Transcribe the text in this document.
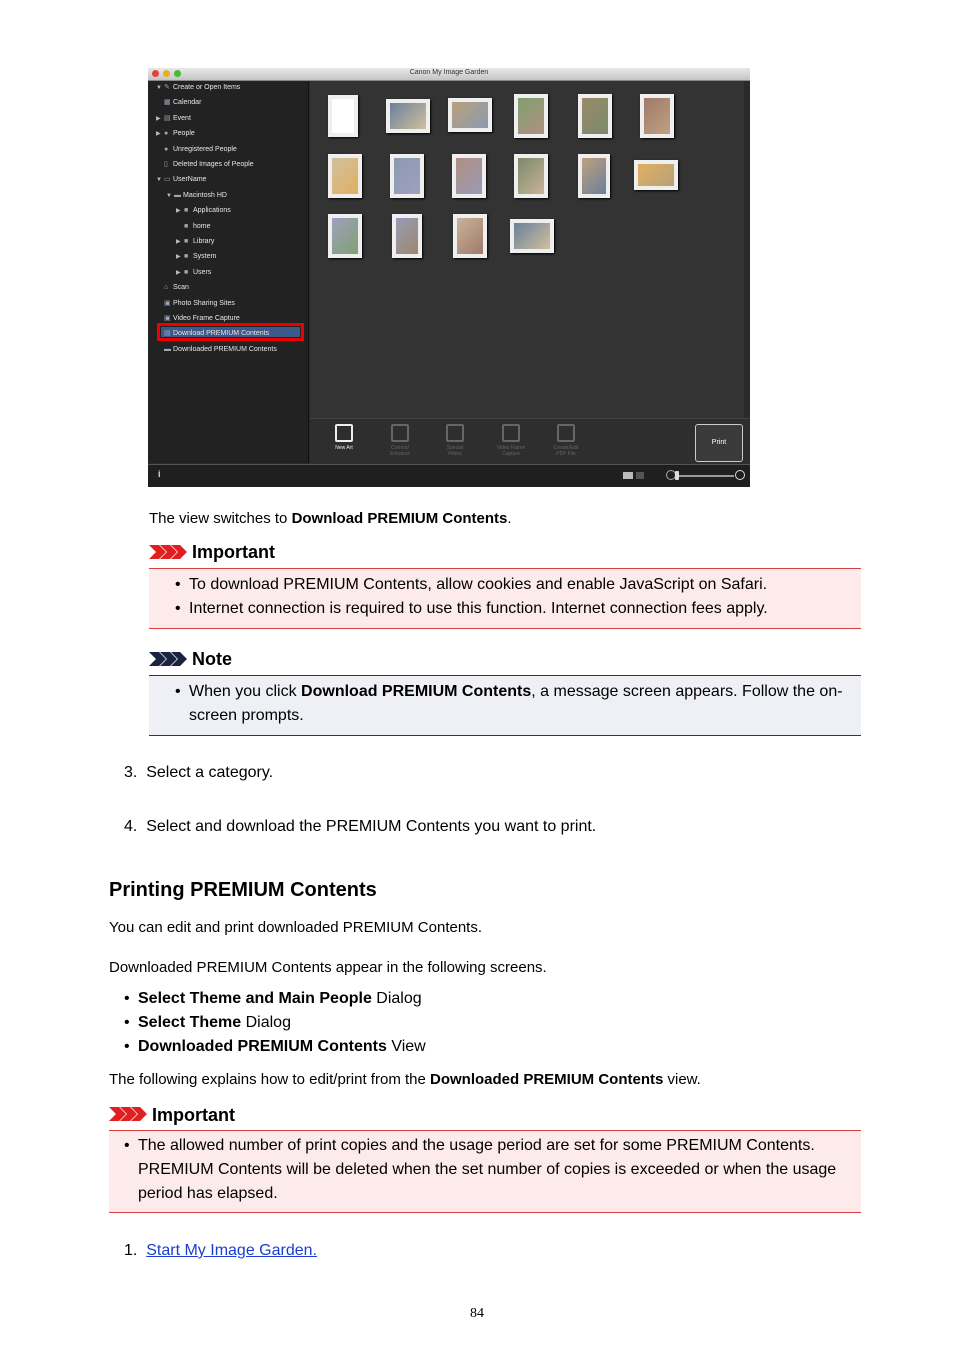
Canon My Image Garden
Print
i
▼ ✎ Create or Open Items
▦ Calendar
▶ ▤ Event
▶ ● People
● Unregistered People
▯ Deleted Images of People
▼ ▭ UserName
▼ ▬ Macintosh HD
▶ ■ Applications
■ home
▶ ■ Library
▶ ■ System
▶ ■ Users
⌂ Scan
▣ Photo Sharing Sites
▣ Video Frame Capture
▤ Download PREMIUM Contents
▬ Downloaded PREMIUM Contents
New Art	Correct/
Enhance
Special
Filters
Video Frame
Capture
Create/Edit
PDF File
The view switches to Download PREMIUM Contents.
Important
• To download PREMIUM Contents, allow cookies and enable JavaScript on Safari.
• Internet connection is required to use this function. Internet connection fees apply.
Note
• When you click Download PREMIUM Contents, a message screen appears. Follow the on-
screen prompts.
3. Select a category.
4. Select and download the PREMIUM Contents you want to print.
Printing PREMIUM Contents
You can edit and print downloaded PREMIUM Contents.
Downloaded PREMIUM Contents appear in the following screens.
• Select Theme and Main People Dialog
• Select Theme Dialog
• Downloaded PREMIUM Contents View
The following explains how to edit/print from the Downloaded PREMIUM Contents view.
Important
• The allowed number of print copies and the usage period are set for some PREMIUM Contents.
PREMIUM Contents will be deleted when the set number of copies is exceeded or when the usage
period has elapsed.
1. Start My Image Garden.
84
